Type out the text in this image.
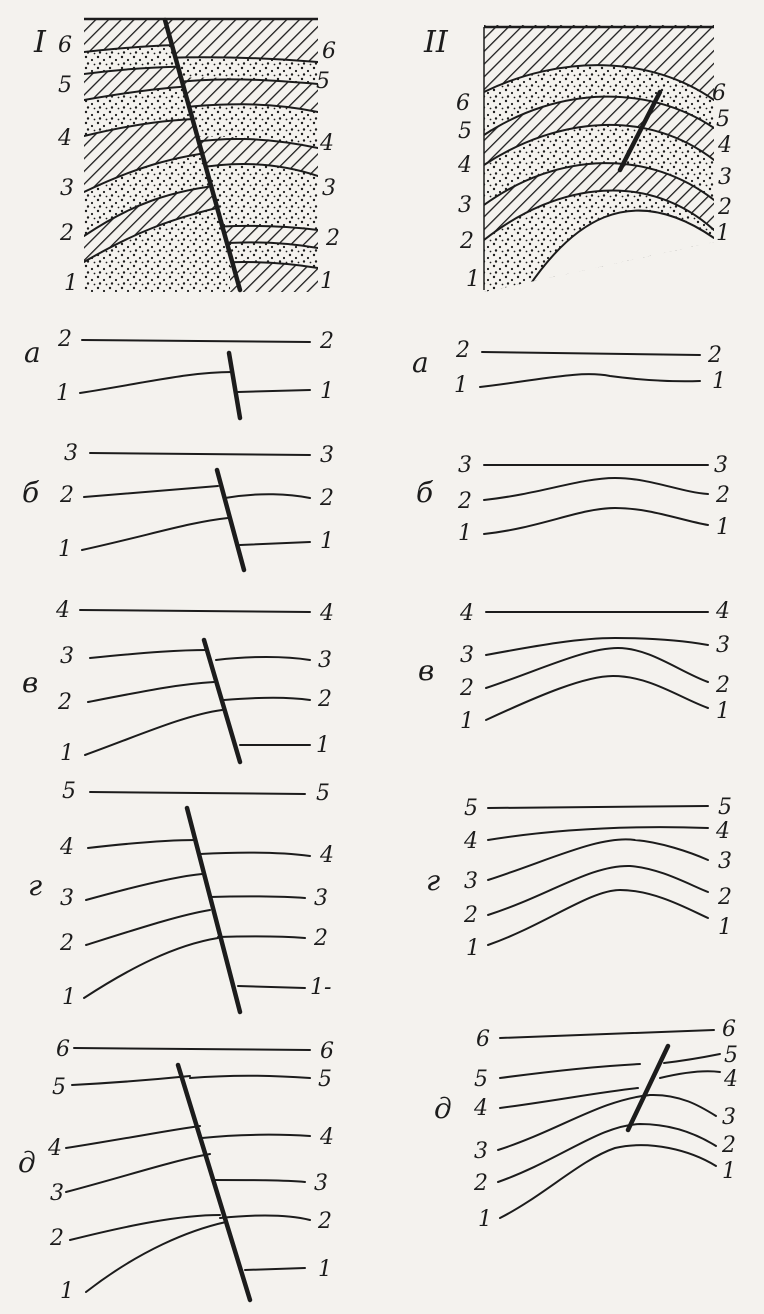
I 6
5
4
3
2
1
6
5
4
3
2
1
II
6
5
4
3
2
1
6
5
4
3
2
1
а 2
1
2
1
б
3
2
1
3
2
1
в
4
3
2
1
4
3
2
1
г
5
4
3
2
1
5
4
3
2
1-
д
6
5
4
3
2
1
6
5
4
3
2
1
а 2
1
2
1
б
3
2
1
3
2
1
в
4
3
2
1
4
3
2
1
г
5
4
3
2
1
5
4
3
2
1
д
6
5
4
3
2
1
6
5
4
3
2
1
